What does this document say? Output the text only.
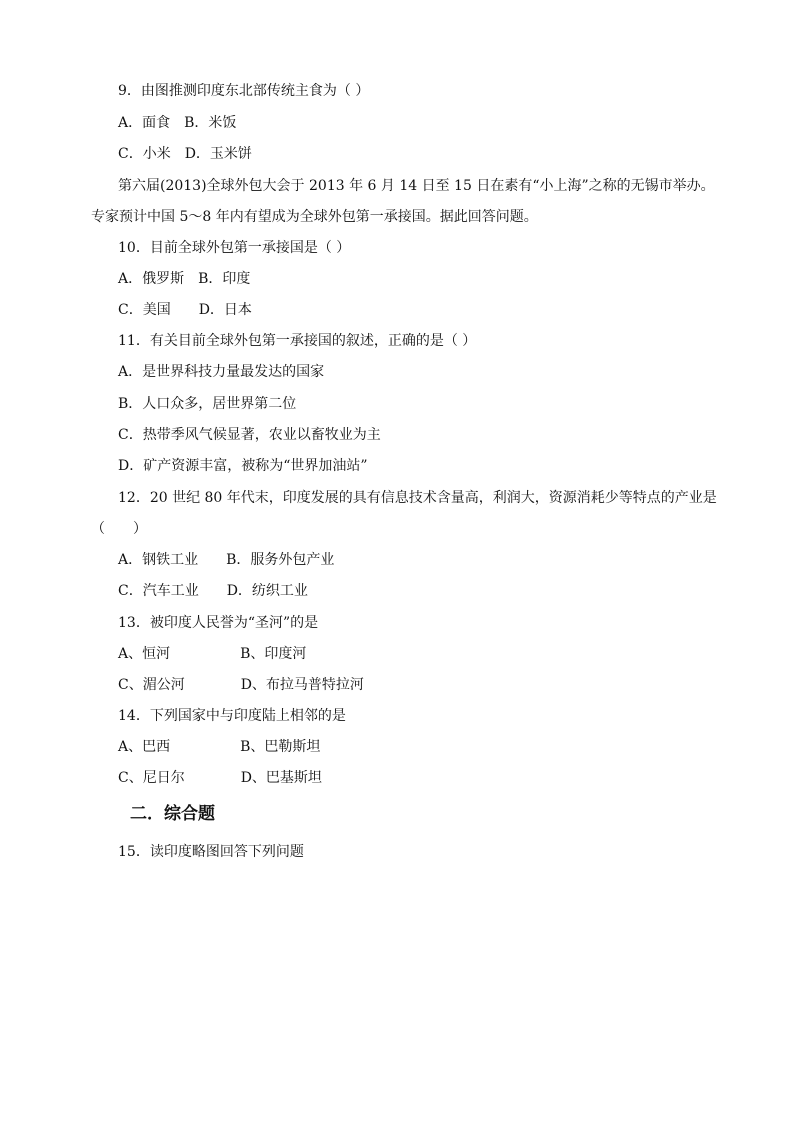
9．由图推测印度东北部传统主食为（ ）

A．面食　B．米饭

C．小米　D．玉米饼

第六届(2013)全球外包大会于 2013 年 6 月 14 日至 15 日在素有“小上海”之称的无锡市举办。

专家预计中国 5～8 年内有望成为全球外包第一承接国。据此回答问题。

10．目前全球外包第一承接国是（ ）

A．俄罗斯　B．印度

C．美国　　D．日本

11．有关目前全球外包第一承接国的叙述，正确的是（ ）

A．是世界科技力量最发达的国家

B．人口众多，居世界第二位

C．热带季风气候显著，农业以畜牧业为主

D．矿产资源丰富，被称为“世界加油站”

12．20 世纪 80 年代末，印度发展的具有信息技术含量高，利润大，资源消耗少等特点的产业是

（　　）

A．钢铁工业　　B．服务外包产业

C．汽车工业　　D．纺织工业

13．被印度人民誉为“圣河”的是

A、恒河　　　　　B、印度河

C、湄公河　　　　D、布拉马普特拉河

14．下列国家中与印度陆上相邻的是

A、巴西　　　　　B、巴勒斯坦

C、尼日尔　　　　D、巴基斯坦

二．综合题

15．读印度略图回答下列问题
